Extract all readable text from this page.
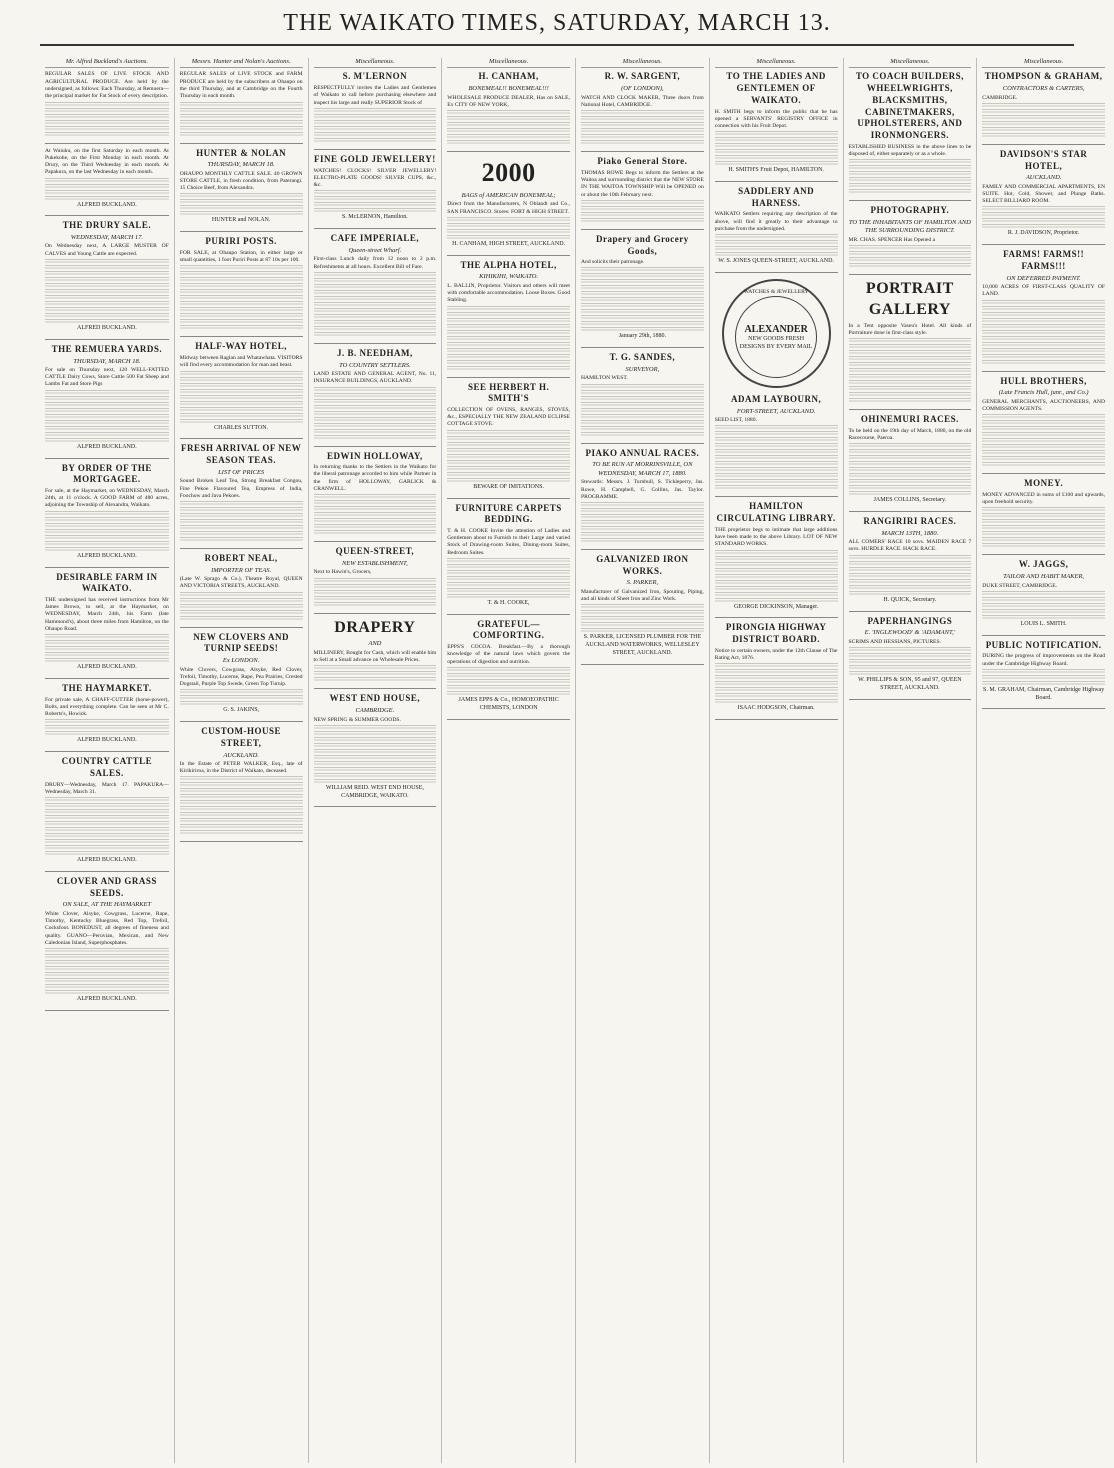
THE WAIKATO TIMES, SATURDAY, MARCH 13.
Mr. Alfred Buckland's Auctions.

REGULAR SALES OF LIVE STOCK AND AGRICULTURAL PRODUCE. Are held by the undersigned, as follows: Each Thursday, at Remuera—the principal market for Fat Stock of every description.

At Waiuku, on the first Saturday in each month. At Pukekohe, on the First Monday in each month. At Drury, on the Third Wednesday in each month. At Papakura, on the last Wednesday in each month.

ALFRED BUCKLAND.
THE DRURY SALE.
WEDNESDAY, MARCH 17.

On Wednesday next, A LARGE MUSTER OF CALVES and Young Cattle are expected.

ALFRED BUCKLAND.
THE REMUERA YARDS.
THURSDAY, MARCH 18.

For sale on Thursday next, 120 WELL-FATTED CATTLE Dairy Cows, Store Cattle 500 Fat Sheep and Lambs Fat and Store Pigs

ALFRED BUCKLAND.
BY ORDER OF THE MORTGAGEE.

For sale, at the Haymarket, on WEDNESDAY, March 24th, at 11 o'clock. A GOOD FARM of 480 acres, adjoining the Township of Alexandra, Waikato.

ALFRED BUCKLAND.
DESIRABLE FARM IN WAIKATO.

THE undersigned has received instructions from Mr James Brown, to sell, at the Haymarket, on WEDNESDAY, March 24th, his Farm (late Hammond's), about three miles from Hamilton, on the Ohaupo Road.

ALFRED BUCKLAND.
THE HAYMARKET.

For private sale, A CHAFF-CUTTER (horse-power), Bolts, and everything complete. Can be seen at Mr C. Roberts's, Howick.

ALFRED BUCKLAND.
COUNTRY CATTLE SALES.

DRURY—Wednesday, March 17. PAPAKURA—Wednesday, March 31.

ALFRED BUCKLAND.
CLOVER AND GRASS SEEDS.
ON SALE, AT THE HAYMARKET

White Clover, Alsyke, Cowgrass, Lucerne, Rape, Timothy, Kentucky Bluegrass, Red Top, Trefoil, Cocksfoot. BONEDUST, all degrees of fineness and quality. GUANO—Peruvian, Mexican, and New Caledonian Island, Superphosphates.

ALFRED BUCKLAND.
Messrs. Hunter and Nolan's Auctions.

REGULAR SALES of LIVE STOCK and FARM PRODUCE are held by the subscribers at Ohaupo on the third Thursday, and at Cambridge on the Fourth Thursday in each month.

HUNTER & NOLAN
THURSDAY, MARCH 18.

OHAUPO MONTHLY CATTLE SALE. 40 GROWN STORE CATTLE, in fresh condition, from Paterangi. 15 Choice Beef, from Alexandra.

HUNTER and NOLAN.
PURIRI POSTS.

FOR SALE, at Ohaupo Station, in either large or small quantities, 1 foot Puriri Posts at 87 10s per 100.

HALF-WAY HOTEL,

Midway between Raglan and Whatawhata. VISITORS will find every accommodation for man and beast.

CHARLES SUTTON.
FRESH ARRIVAL OF NEW SEASON TEAS.
LIST OF PRICES

Sound Broken Leaf Tea, Strong Breakfast Congou, Fine Pekoe Flavoured Tea, Empress of India, Foochow and Java Pekoes.

ROBERT NEAL,
IMPORTER OF TEAS.

(Late W. Sprago & Co.), Theatre Royal, QUEEN AND VICTORIA STREETS, AUCKLAND.

NEW CLOVERS AND TURNIP SEEDS!
Ex LONDON.

White Clovers, Cowgrass, Alsyke, Red Clover, Trefoil, Timothy, Lucerne, Rape, Pea Prairies, Crested Dogstail, Purple Top Swede, Green Top Turnip.

G. S. JAKINS,
CUSTOM-HOUSE STREET,
AUCKLAND.

In the Estate of PETER WALKER, Esq., late of Kirikiriroa, in the District of Waikato, deceased.

Miscellaneous.
S. M'LERNON

RESPECTFULLY invites the Ladies and Gentlemen of Waikato to call before purchasing elsewhere and inspect his large and really SUPERIOR Stock of

FINE GOLD JEWELLERY!

WATCHES! CLOCKS! SILVER JEWELLERY! ELECTRO-PLATE GOODS! SILVER CUPS, &c., &c.

S. McLERNON, Hamilton.
CAFE IMPERIALE,
Queen-street Wharf.

First-class Lunch daily from 12 noon to 2 p.m. Refreshments at all hours. Excellent Bill of Fare.

J. B. NEEDHAM,
TO COUNTRY SETTLERS.

LAND ESTATE AND GENERAL AGENT, No. 11, INSURANCE BUILDINGS, AUCKLAND.

EDWIN HOLLOWAY,

In returning thanks to the Settlers in the Waikato for the liberal patronage accorded to him while Partner in the firm of HOLLOWAY, GARLICK & CRANWELL.

QUEEN-STREET,
NEW ESTABLISHMENT,

Next to Hawin's, Grocers,

DRAPERY
AND

MILLINERY, Bought for Cash, which will enable him to Sell at a Small advance on Wholesale Prices.

WEST END HOUSE,
CAMBRIDGE.

NEW SPRING & SUMMER GOODS.

WILLIAM REID. WEST END HOUSE, CAMBRIDGE, WAIKATO.
Miscellaneous.
H. CANHAM,
BONEMEAL!! BONEMEAL!!!

WHOLESALE PRODUCE DEALER, Has on SALE, Ex CITY OF NEW YORK,

2000
BAGS of AMERICAN BONEMEAL;

Direct from the Manufacturers, N Oblandt and Co., SAN FRANCISCO. Stores: FORT & HIGH STREET.

H. CANHAM, HIGH STREET, AUCKLAND.
THE ALPHA HOTEL,
KIHIKIHI, WAIKATO.

L. BALLIN, Proprietor. Visitors and others will meet with comfortable accommodation. Loose Boxes. Good Stabling.

SEE HERBERT H. SMITH'S

COLLECTION OF OVENS, RANGES, STOVES, &c., ESPECIALLY THE NEW ZEALAND ECLIPSE COTTAGE STOVE.

BEWARE OF IMITATIONS.
FURNITURE CARPETS BEDDING.

T. & H. COOKE Invite the attention of Ladies and Gentlemen about to Furnish to their Large and varied Stock of Drawing-room Suites, Dining-room Suites, Bedroom Suites.

T. & H. COOKE,
GRATEFUL—COMFORTING.

EPPS'S COCOA. Breakfast.—By a thorough knowledge of the natural laws which govern the operations of digestion and nutrition.

JAMES EPPS & Co., HOMOEOPATHIC CHEMISTS, LONDON
Miscellaneous.
R. W. SARGENT,
(OF LONDON),

WATCH AND CLOCK MAKER, Three doors from National Hotel, CAMBRIDGE.

Piako General Store.

THOMAS ROWE Begs to inform the Settlers at the Waitoa and surrounding district that the NEW STORE IN THE WAITOA TOWNSHIP Will be OPENED on or about the 10th February next.

Drapery and Grocery Goods,

And solicits their patronage.

January 29th, 1880.
T. G. SANDES,
SURVEYOR,

HAMILTON WEST.

PIAKO ANNUAL RACES.
TO BE RUN AT MORRINSVILLE, ON WEDNESDAY, MARCH 17, 1880.

Stewards: Messrs. J. Turnbull, S. Tickleperry, Jas. Rowe, H. Campbell, G. Collins, Jas. Taylor. PROGRAMME.

GALVANIZED IRON WORKS.
S. PARKER,

Manufacturer of Galvanized Iron, Spouting, Piping, and all kinds of Sheet Iron and Zinc Work.

S. PARKER, LICENSED PLUMBER FOR THE AUCKLAND WATERWORKS, WELLESLEY STREET, AUCKLAND.
Miscellaneous.
TO THE LADIES AND GENTLEMEN OF WAIKATO.

H. SMITH begs to inform the public that he has opened a SERVANTS' REGISTRY OFFICE in connection with his Fruit Depot.

H. SMITH'S Fruit Depot, HAMILTON.
SADDLERY AND HARNESS.

WAIKATO Settlers requiring any description of the above, will find it greatly to their advantage to purchase from the undersigned.

W. S. JONES QUEEN-STREET, AUCKLAND.
WATCHES & JEWELLERY
ALEXANDER
NEW GOODS FRESH DESIGNS BY EVERY MAIL
ADAM LAYBOURN,
FORT-STREET, AUCKLAND.

SEED LIST, 1880.

HAMILTON CIRCULATING LIBRARY.

THE proprietor begs to intimate that large additions have been made to the above Library. LOT OF NEW STANDARD WORKS.

GEORGE DICKINSON, Manager.
PIRONGIA HIGHWAY DISTRICT BOARD.

Notice to certain owners, under the 12th Clause of The Rating Act, 1876.

ISAAC HODGSON, Chairman.
Miscellaneous.
TO COACH BUILDERS, WHEELWRIGHTS, BLACKSMITHS, CABINETMAKERS, UPHOLSTERERS, AND IRONMONGERS.

ESTABLISHED BUSINESS in the above lines to be disposed of, either separately or as a whole.

PHOTOGRAPHY.
TO THE INHABITANTS OF HAMILTON AND THE SURROUNDING DISTRICT.

MR. CHAS. SPENCER Has Opened a

PORTRAIT GALLERY

In a Tent opposite Vaseu's Hotel. All kinds of Portraiture done in first-class style.

OHINEMURI RACES.

To be held on the 19th day of March, 1880, on the old Racecourse, Paeroa.

JAMES COLLINS, Secretary.
RANGIRIRI RACES.
MARCH 13TH, 1880.

ALL COMERS' RACE 10 sovs. MAIDEN RACE 7 sovs. HURDLE RACE. HACK RACE.

H. QUICK, Secretary.
PAPERHANGINGS
E. 'INGLEWOOD' & 'ADAMANT,'

SCRIMS AND HESSIANS, PICTURES.

W. PHILLIPS & SON, 95 and 97, QUEEN STREET, AUCKLAND.
Miscellaneous.
THOMPSON & GRAHAM,
CONTRACTORS & CARTERS,

CAMBRIDGE.

DAVIDSON'S STAR HOTEL,
AUCKLAND.

FAMILY AND COMMERCIAL APARTMENTS, EN SUITE. Hot, Cold, Shower, and Plunge Baths. SELECT BILLIARD ROOM.

R. J. DAVIDSON, Proprietor.
FARMS! FARMS!! FARMS!!!
ON DEFERRED PAYMENT.

10,000 ACRES OF FIRST-CLASS QUALITY OF LAND.

HULL BROTHERS,
(Late Francis Hull, junr., and Co.)

GENERAL MERCHANTS, AUCTIONEERS, AND COMMISSION AGENTS.

MONEY.

MONEY ADVANCED in sums of £100 and upwards, upon freehold security.

W. JAGGS,
TAILOR AND HABIT MAKER,

DUKE STREET, CAMBRIDGE.

LOUIS L. SMITH.
PUBLIC NOTIFICATION.

DURING the progress of improvements on the Road under the Cambridge Highway Board.

S. M. GRAHAM, Chairman, Cambridge Highway Board.
